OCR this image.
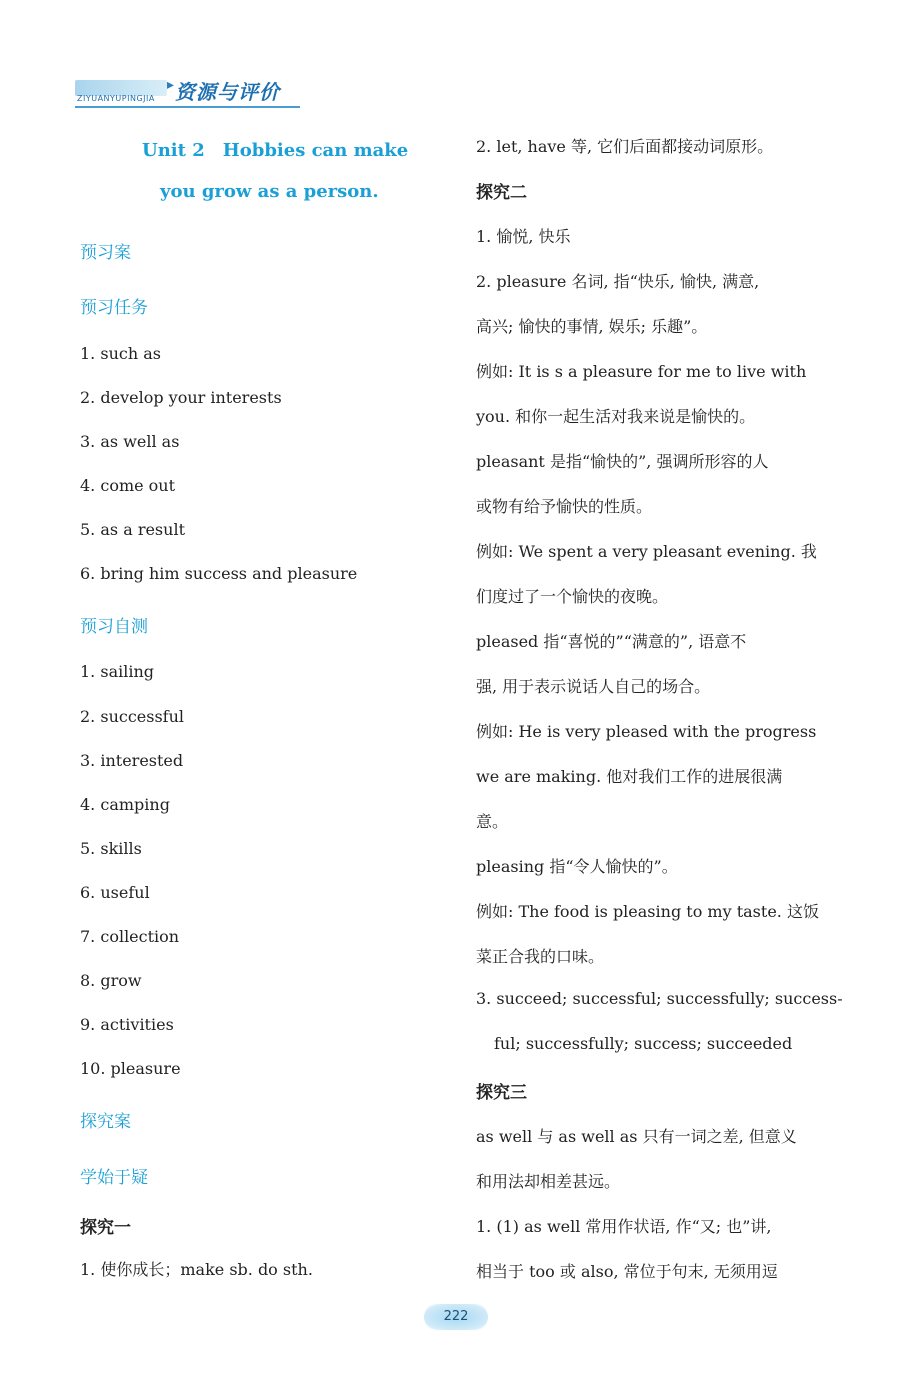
▸ 资源与评价
ZIYUANYUPINGJIA
Unit 2　Hobbies can make
you grow as a person.
预习案
预习任务
1. such as
2. develop your interests
3. as well as
4. come out
5. as a result
6. bring him success and pleasure
预习自测
1. sailing
2. successful
3. interested
4. camping
5. skills
6. useful
7. collection
8. grow
9. activities
10. pleasure
探究案
学始于疑
探究一
1. 使你成长；make sb. do sth.
2. let, have 等, 它们后面都接动词原形。
探究二
1. 愉悦, 快乐
2. pleasure 名词, 指“快乐, 愉快, 满意,
高兴; 愉快的事情, 娱乐; 乐趣”。
例如: It is s a pleasure for me to live with
you. 和你一起生活对我来说是愉快的。
pleasant 是指“愉快的”, 强调所形容的人
或物有给予愉快的性质。
例如: We spent a very pleasant evening. 我
们度过了一个愉快的夜晚。
pleased 指“喜悦的”“满意的”, 语意不
强, 用于表示说话人自己的场合。
例如: He is very pleased with the progress
we are making. 他对我们工作的进展很满
意。
pleasing 指“令人愉快的”。
例如: The food is pleasing to my taste. 这饭
菜正合我的口味。
3. succeed; successful; successfully; success-
ful; successfully; success; succeeded
探究三
as well 与 as well as 只有一词之差, 但意义
和用法却相差甚远。
1. (1) as well 常用作状语, 作“又; 也”讲,
相当于 too 或 also, 常位于句末, 无须用逗
222
